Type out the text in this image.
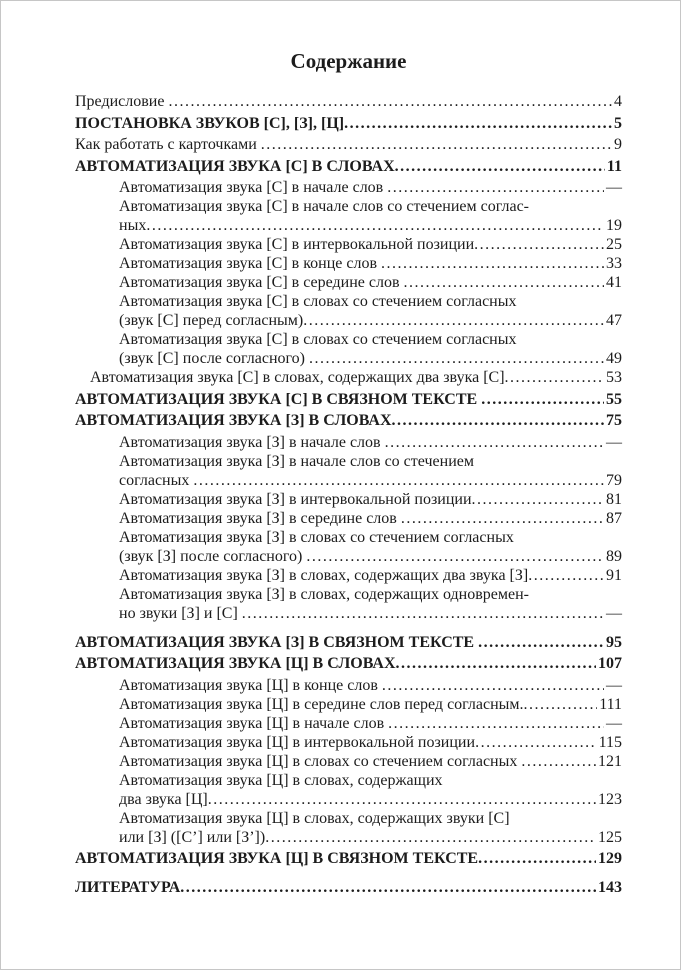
Содержание
Предисловие .....	4
ПОСТАНОВКА ЗВУКОВ [С], [З], [Ц] .....	5
Как работать с карточками .....	9
АВТОМАТИЗАЦИЯ ЗВУКА [С] В СЛОВАХ .....	11
Автоматизация звука [С] в начале слов .....	—
Автоматизация звука [С] в начале слов со стечением соглас-
ных .....	19
Автоматизация звука [С] в интервокальной позиции .....	25
Автоматизация звука [С] в конце слов .....	33
Автоматизация звука [С] в середине слов .....	41
Автоматизация звука [С] в словах со стечением согласных
(звук [С] перед согласным) .....	47
Автоматизация звука [С] в словах со стечением согласных
(звук [С] после согласного) .....	49
Автоматизация звука [С] в словах, содержащих два звука [С] .....	53
АВТОМАТИЗАЦИЯ ЗВУКА [С] В СВЯЗНОМ ТЕКСТЕ .....	55
АВТОМАТИЗАЦИЯ ЗВУКА [З] В СЛОВАХ .....	75
Автоматизация звука [З] в начале слов .....	—
Автоматизация звука [З] в начале слов со стечением
согласных .....	79
Автоматизация звука [З] в интервокальной позиции .....	81
Автоматизация звука [З] в середине слов .....	87
Автоматизация звука [З] в словах со стечением согласных
(звук [З] после согласного) .....	89
Автоматизация звука [З] в словах, содержащих два звука [З] .....	91
Автоматизация звука [З] в словах, содержащих одновремен-
но звуки [З] и [С] .....	—
АВТОМАТИЗАЦИЯ ЗВУКА [З] В СВЯЗНОМ ТЕКСТЕ .....	95
АВТОМАТИЗАЦИЯ ЗВУКА [Ц] В СЛОВАХ .....	107
Автоматизация звука [Ц] в конце слов .....	—
Автоматизация звука [Ц] в середине слов перед согласным. .....	111
Автоматизация звука [Ц] в начале слов .....	—
Автоматизация звука [Ц] в интервокальной позиции .....	115
Автоматизация звука [Ц] в словах со стечением согласных .....	121
Автоматизация звука [Ц] в словах, содержащих
два звука [Ц] .....	123
Автоматизация звука [Ц] в словах, содержащих звуки [С]
или [З] ([С’] или [З’]) .....	125
АВТОМАТИЗАЦИЯ ЗВУКА [Ц] В СВЯЗНОМ ТЕКСТЕ .....	129
ЛИТЕРАТУРА .....	143
